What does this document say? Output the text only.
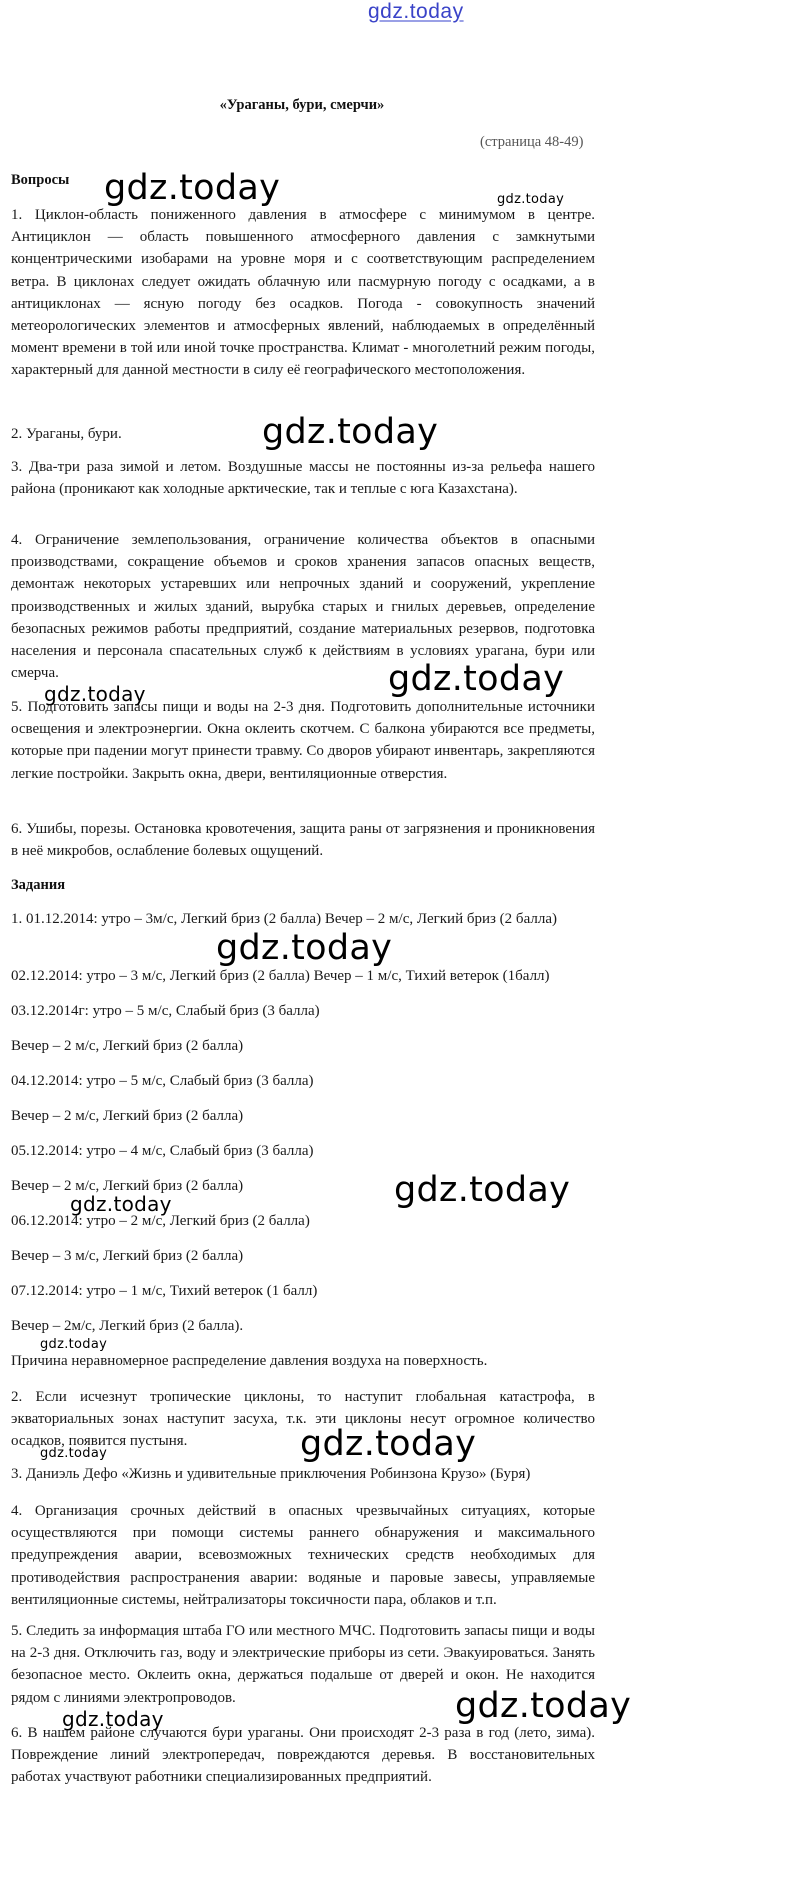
gdz.today
«Ураганы, бури, смерчи»
(страница 48-49)
Вопросы

1. Циклон-область пониженного давления в атмосфере с минимумом в центре. Антициклон — область повышенного атмосферного давления с замкнутыми концентрическими изобарами на уровне моря и с соответствующим распределением ветра. В циклонах следует ожидать облачную или пасмурную погоду с осадками, а в антициклонах — ясную погоду без осадков. Погода - совокупность значений метеорологических элементов и атмосферных явлений, наблюдаемых в определённый момент времени в той или иной точке пространства. Климат - многолетний режим погоды, характерный для данной местности в силу её географического местоположения.

2. Ураганы, бури.

3. Два-три раза зимой и летом. Воздушные массы не постоянны из-за рельефа нашего района (проникают как холодные арктические, так и теплые с юга Казахстана).

4. Ограничение землепользования, ограничение количества объектов в опасными производствами, сокращение объемов и сроков хранения запасов опасных веществ, демонтаж некоторых устаревших или непрочных зданий и сооружений, укрепление производственных и жилых зданий, вырубка старых и гнилых деревьев, определение безопасных режимов работы предприятий, создание материальных резервов, подготовка населения и персонала спасательных служб к действиям в условиях урагана, бури или смерча.

5. Подготовить запасы пищи и воды на 2-3 дня. Подготовить дополнительные источники освещения и электроэнергии. Окна оклеить скотчем. С балкона убираются все предметы, которые при падении могут принести травму. Со дворов убирают инвентарь, закрепляются легкие постройки. Закрыть окна, двери, вентиляционные отверстия.

6. Ушибы, порезы. Остановка кровотечения, защита раны от загрязнения и проникновения в неё микробов, ослабление болевых ощущений.

Задания

1. 01.12.2014: утро – 3м/с, Легкий бриз (2 балла) Вечер – 2 м/с, Легкий бриз (2 балла)

02.12.2014: утро – 3 м/с, Легкий бриз (2 балла) Вечер – 1 м/с, Тихий ветерок (1балл)
03.12.2014г: утро – 5 м/с, Слабый бриз (3 балла)
Вечер – 2 м/с, Легкий бриз (2 балла)
04.12.2014: утро – 5 м/с, Слабый бриз (3 балла)
Вечер – 2 м/с, Легкий бриз (2 балла)
05.12.2014: утро – 4 м/с, Слабый бриз (3 балла)
Вечер – 2 м/с, Легкий бриз (2 балла)
06.12.2014: утро – 2 м/с, Легкий бриз (2 балла)
Вечер – 3 м/с, Легкий бриз (2 балла)
07.12.2014: утро – 1 м/с, Тихий ветерок (1 балл)
Вечер – 2м/с, Легкий бриз (2 балла).
Причина неравномерное распределение давления воздуха на поверхность.

2. Если исчезнут тропические циклоны, то наступит глобальная катастрофа, в экваториальных зонах наступит засуха, т.к. эти циклоны несут огромное количество осадков, появится пустыня.

3. Даниэль Дефо «Жизнь и удивительные приключения Робинзона Крузо» (Буря)

4. Организация срочных действий в опасных чрезвычайных ситуациях, которые осуществляются при помощи системы раннего обнаружения и максимального предупреждения аварии, всевозможных технических средств необходимых для противодействия распространения аварии: водяные и паровые завесы, управляемые вентиляционные системы, нейтрализаторы токсичности пара, облаков и т.п.

5. Следить за информация штаба ГО или местного МЧС. Подготовить запасы пищи и воды на 2-3 дня. Отключить газ, воду и электрические приборы из сети. Эвакуироваться. Занять безопасное место. Оклеить окна, держаться подальше от дверей и окон. Не находится рядом с линиями электропроводов.

6. В нашем районе случаются бури ураганы. Они происходят 2-3 раза в год (лето, зима). Повреждение линий электропередач, повреждаются деревья. В восстановительных работах участвуют работники специализированных предприятий.

gdz.today	gdz.today
gdz.today
gdz.today
gdz.today
gdz.today
gdz.today
gdz.today
gdz.today
gdz.today	gdz.today
gdz.today	gdz.today
